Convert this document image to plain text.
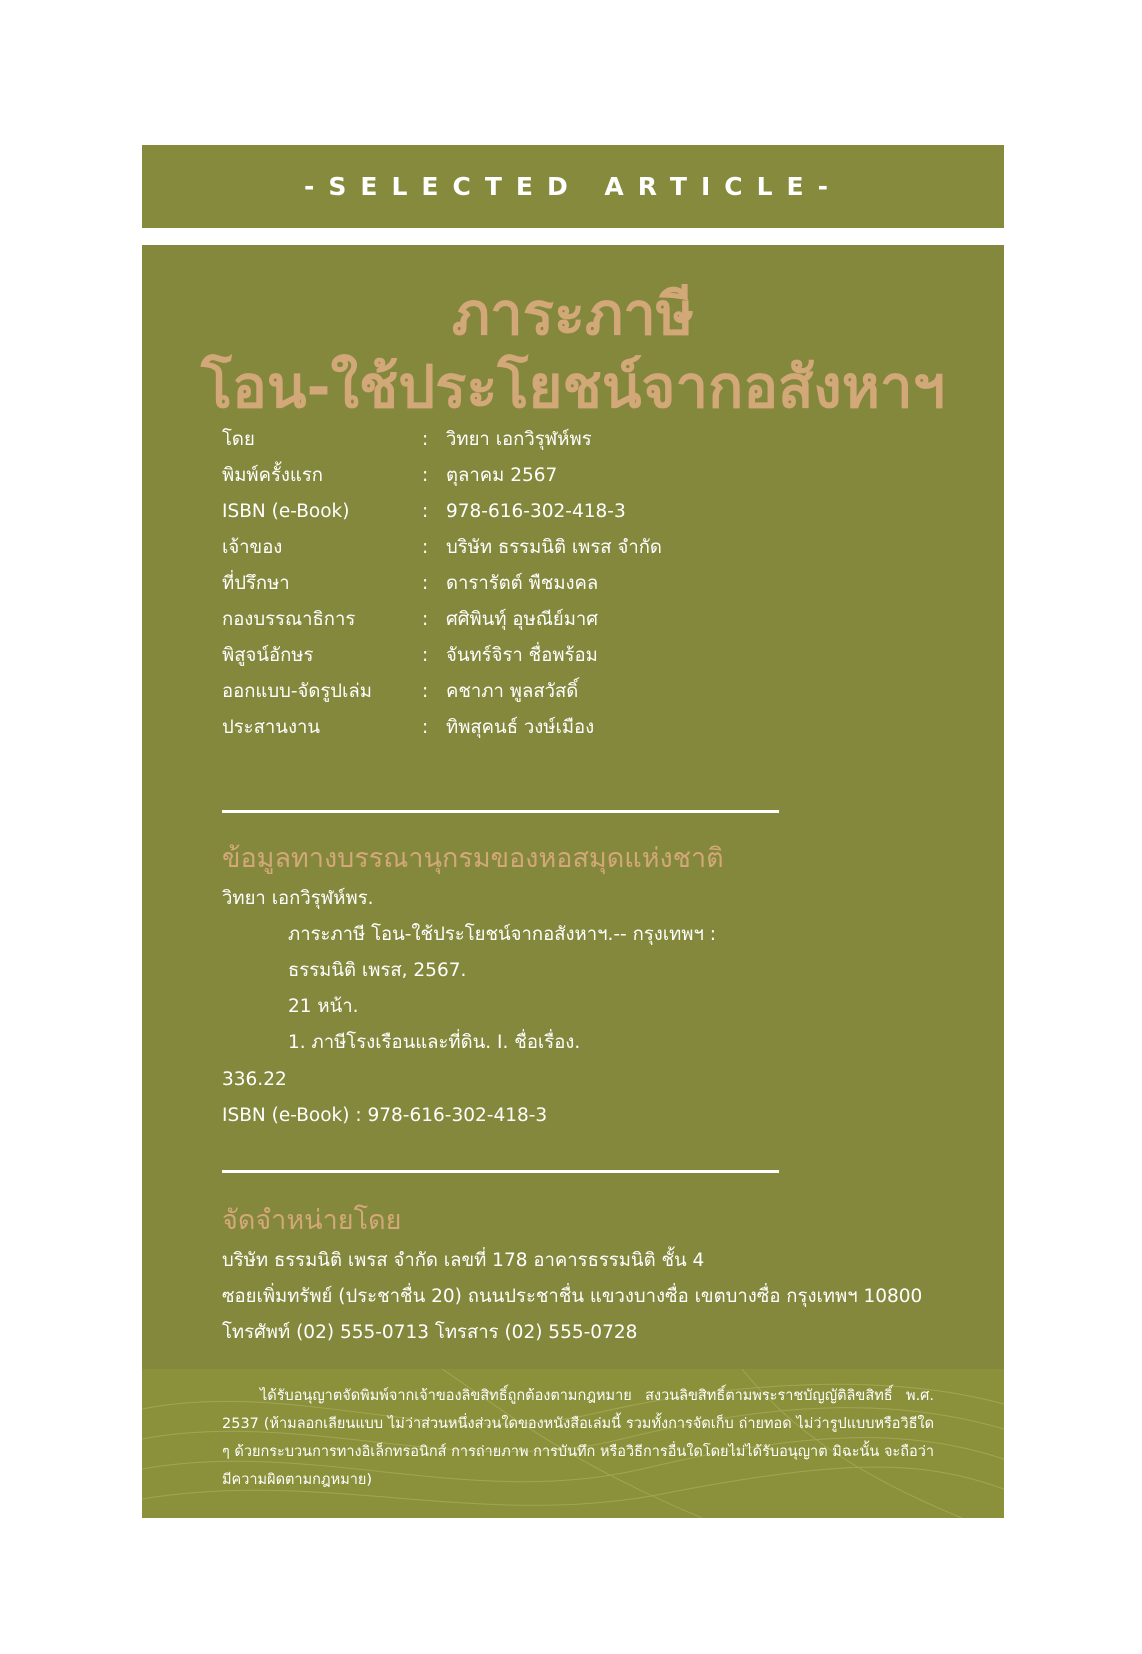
-SELECTED ARTICLE-
ภาระภาษี
โอน-ใช้ประโยชน์จากอสังหาฯ
โดย	: วิทยา เอกวิรุฬห์พร
พิมพ์ครั้งแรก	: ตุลาคม 2567
ISBN (e-Book)	: 978-616-302-418-3
เจ้าของ	: บริษัท ธรรมนิติ เพรส จำกัด
ที่ปรึกษา	: ดารารัตต์ พืชมงคล
กองบรรณาธิการ	: ศศิพินทุ์ อุษณีย์มาศ
พิสูจน์อักษร	: จันทร์จิรา ชื่อพร้อม
ออกแบบ-จัดรูปเล่ม	: คชาภา พูลสวัสดิ์
ประสานงาน	: ทิพสุคนธ์ วงษ์เมือง
ข้อมูลทางบรรณานุกรมของหอสมุดแห่งชาติ
วิทยา เอกวิรุฬห์พร.
ภาระภาษี โอน-ใช้ประโยชน์จากอสังหาฯ.-- กรุงเทพฯ :
ธรรมนิติ เพรส, 2567.
21 หน้า.
1. ภาษีโรงเรือนและที่ดิน. I. ชื่อเรื่อง.
336.22
ISBN (e-Book) : 978-616-302-418-3
จัดจำหน่ายโดย
บริษัท ธรรมนิติ เพรส จำกัด เลขที่ 178 อาคารธรรมนิติ ชั้น 4
ซอยเพิ่มทรัพย์ (ประชาชื่น 20) ถนนประชาชื่น แขวงบางซื่อ เขตบางซื่อ กรุงเทพฯ 10800
โทรศัพท์ (02) 555-0713 โทรสาร (02) 555-0728
ได้รับอนุญาตจัดพิมพ์จากเจ้าของลิขสิทธิ์ถูกต้องตามกฎหมาย สงวนลิขสิทธิ์ตามพระราชบัญญัติลิขสิทธิ์ พ.ศ. 2537 (ห้ามลอกเลียนแบบ ไม่ว่าส่วนหนึ่งส่วนใดของหนังสือเล่มนี้ รวมทั้งการจัดเก็บ ถ่ายทอด ไม่ว่ารูปแบบหรือวิธีใด ๆ ด้วยกระบวนการทางอิเล็กทรอนิกส์ การถ่ายภาพ การบันทึก หรือวิธีการอื่นใดโดยไม่ได้รับอนุญาต มิฉะนั้น จะถือว่ามีความผิดตามกฎหมาย)
